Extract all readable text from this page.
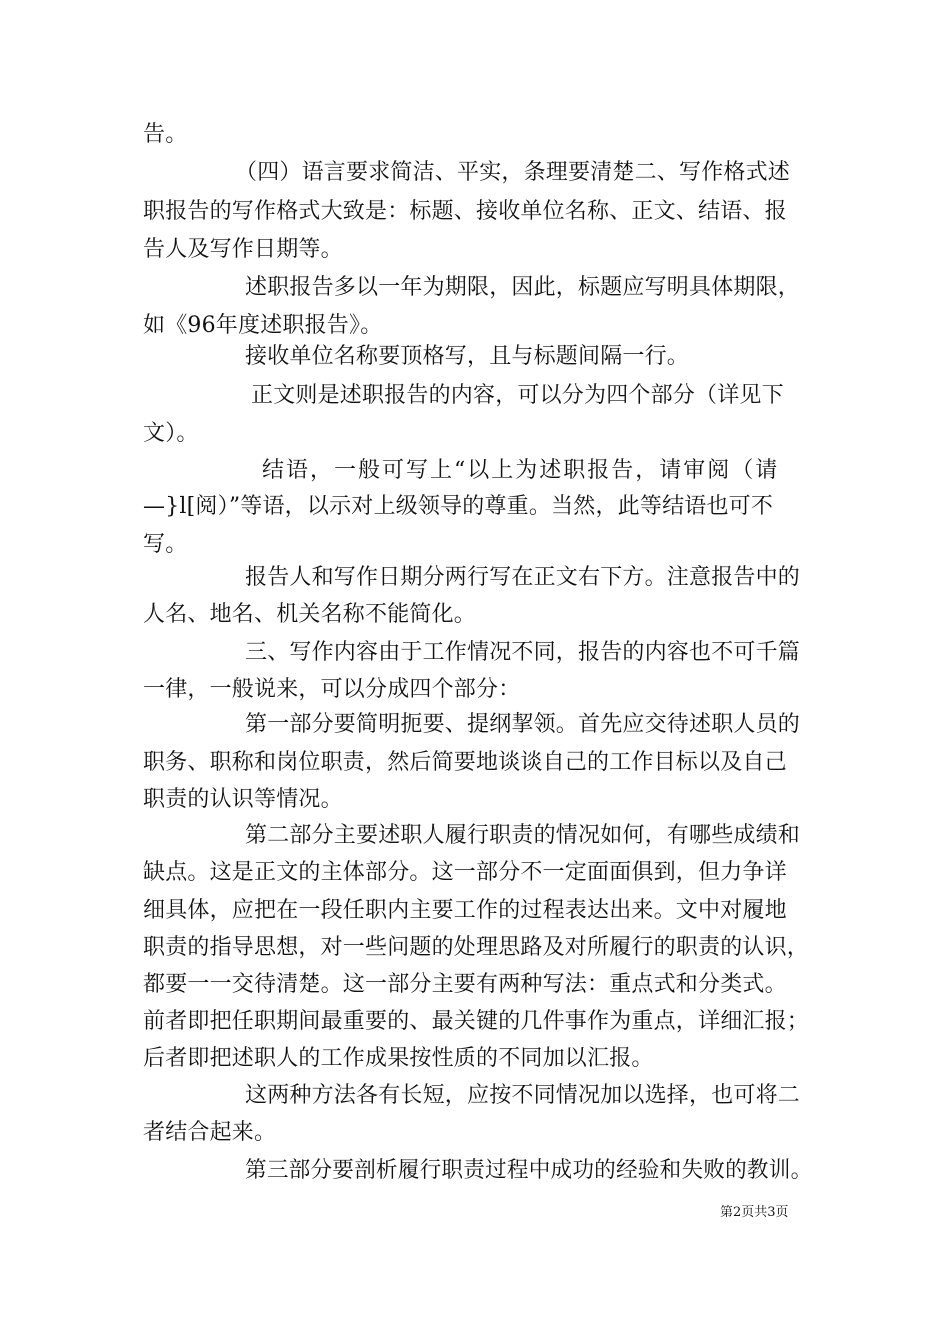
告。
（四）语言要求简洁、平实，条理要清楚二、写作格式述
职报告的写作格式大致是：标题、接收单位名称、正文、结语、报
告人及写作日期等。
述职报告多以一年为期限，因此，标题应写明具体期限，
如《96年度述职报告》。
接收单位名称要顶格写，且与标题间隔一行。
正文则是述职报告的内容，可以分为四个部分（详见下
文）。
结语，一般可写上“以上为述职报告，请审阅（请
—}l[阅）”等语，以示对上级领导的尊重。当然，此等结语也可不
写。
报告人和写作日期分两行写在正文右下方。注意报告中的
人名、地名、机关名称不能简化。
三、写作内容由于工作情况不同，报告的内容也不可千篇
一律，一般说来，可以分成四个部分：
第一部分要简明扼要、提纲挈领。首先应交待述职人员的
职务、职称和岗位职责，然后简要地谈谈自己的工作目标以及自己
职责的认识等情况。
第二部分主要述职人履行职责的情况如何，有哪些成绩和
缺点。这是正文的主体部分。这一部分不一定面面俱到，但力争详
细具体，应把在一段任职内主要工作的过程表达出来。文中对履地
职责的指导思想，对一些问题的处理思路及对所履行的职责的认识，
都要一一交待清楚。这一部分主要有两种写法：重点式和分类式。
前者即把任职期间最重要的、最关键的几件事作为重点，详细汇报；
后者即把述职人的工作成果按性质的不同加以汇报。
这两种方法各有长短，应按不同情况加以选择，也可将二
者结合起来。
第三部分要剖析履行职责过程中成功的经验和失败的教训。
第2页共3页
